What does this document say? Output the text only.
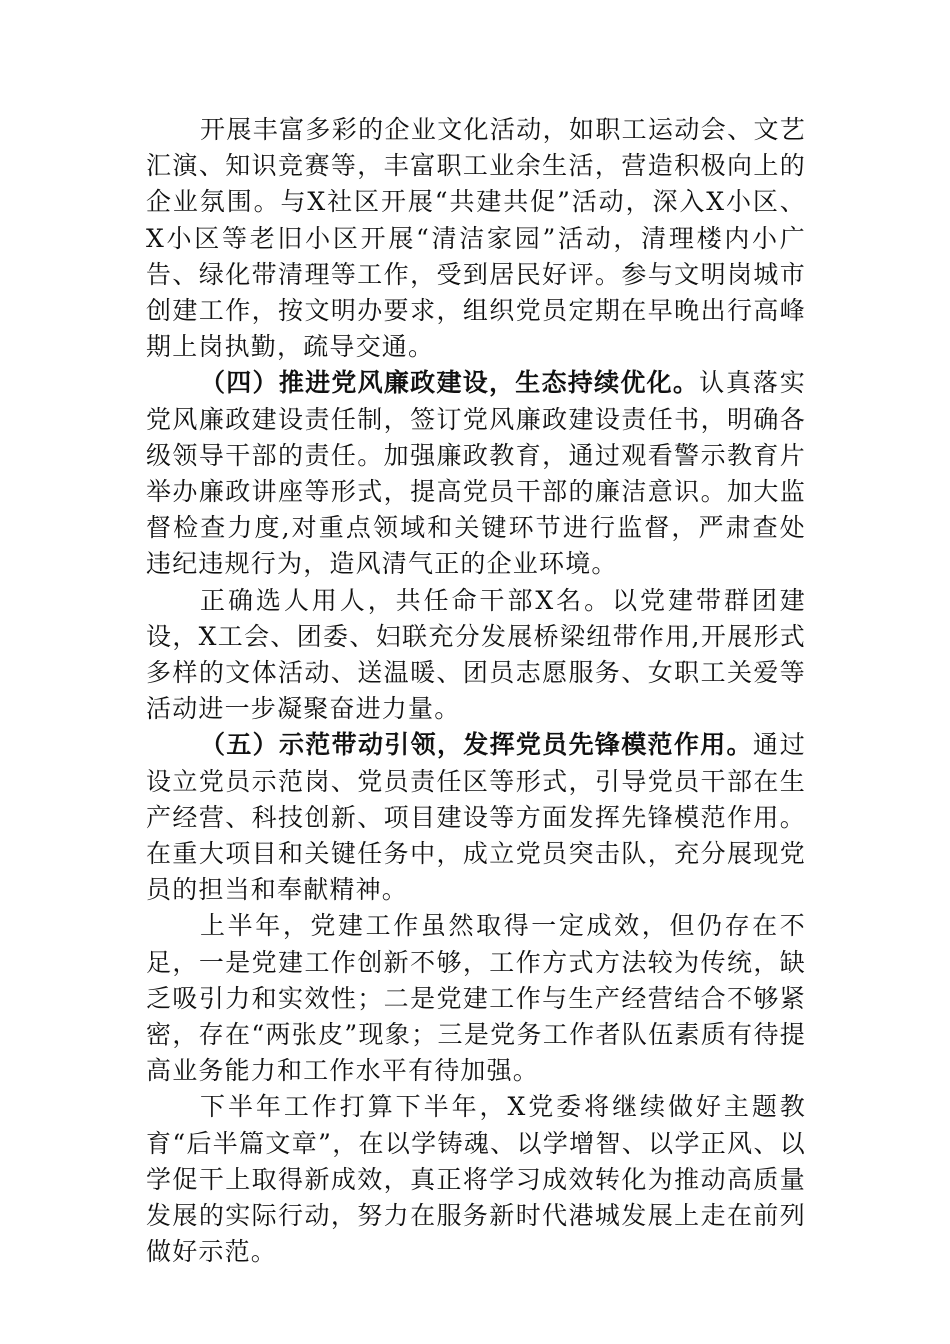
开展丰富多彩的企业文化活动，如职工运动会、文艺汇演、知识竞赛等，丰富职工业余生活，营造积极向上的企业氛围。与X社区开展“共建共促”活动，深入X小区、X小区等老旧小区开展“清洁家园”活动，清理楼内小广告、绿化带清理等工作，受到居民好评。参与文明岗城市创建工作，按文明办要求，组织党员定期在早晚出行高峰期上岗执勤，疏导交通。

（四）推进党风廉政建设，生态持续优化。认真落实党风廉政建设责任制，签订党风廉政建设责任书，明确各级领导干部的责任。加强廉政教育，通过观看警示教育片举办廉政讲座等形式，提高党员干部的廉洁意识。加大监督检查力度,对重点领域和关键环节进行监督，严肃查处违纪违规行为，造风清气正的企业环境。

正确选人用人，共任命干部X名。以党建带群团建设，X工会、团委、妇联充分发展桥梁纽带作用,开展形式多样的文体活动、送温暖、团员志愿服务、女职工关爱等活动进一步凝聚奋进力量。

（五）示范带动引领，发挥党员先锋模范作用。通过设立党员示范岗、党员责任区等形式，引导党员干部在生产经营、科技创新、项目建设等方面发挥先锋模范作用。在重大项目和关键任务中，成立党员突击队，充分展现党员的担当和奉献精神。

上半年，党建工作虽然取得一定成效，但仍存在不足，一是党建工作创新不够，工作方式方法较为传统，缺乏吸引力和实效性；二是党建工作与生产经营结合不够紧密，存在“两张皮”现象；三是党务工作者队伍素质有待提高业务能力和工作水平有待加强。

下半年工作打算下半年，X党委将继续做好主题教育“后半篇文章”，在以学铸魂、以学增智、以学正风、以学促干上取得新成效，真正将学习成效转化为推动高质量发展的实际行动，努力在服务新时代港城发展上走在前列做好示范。
